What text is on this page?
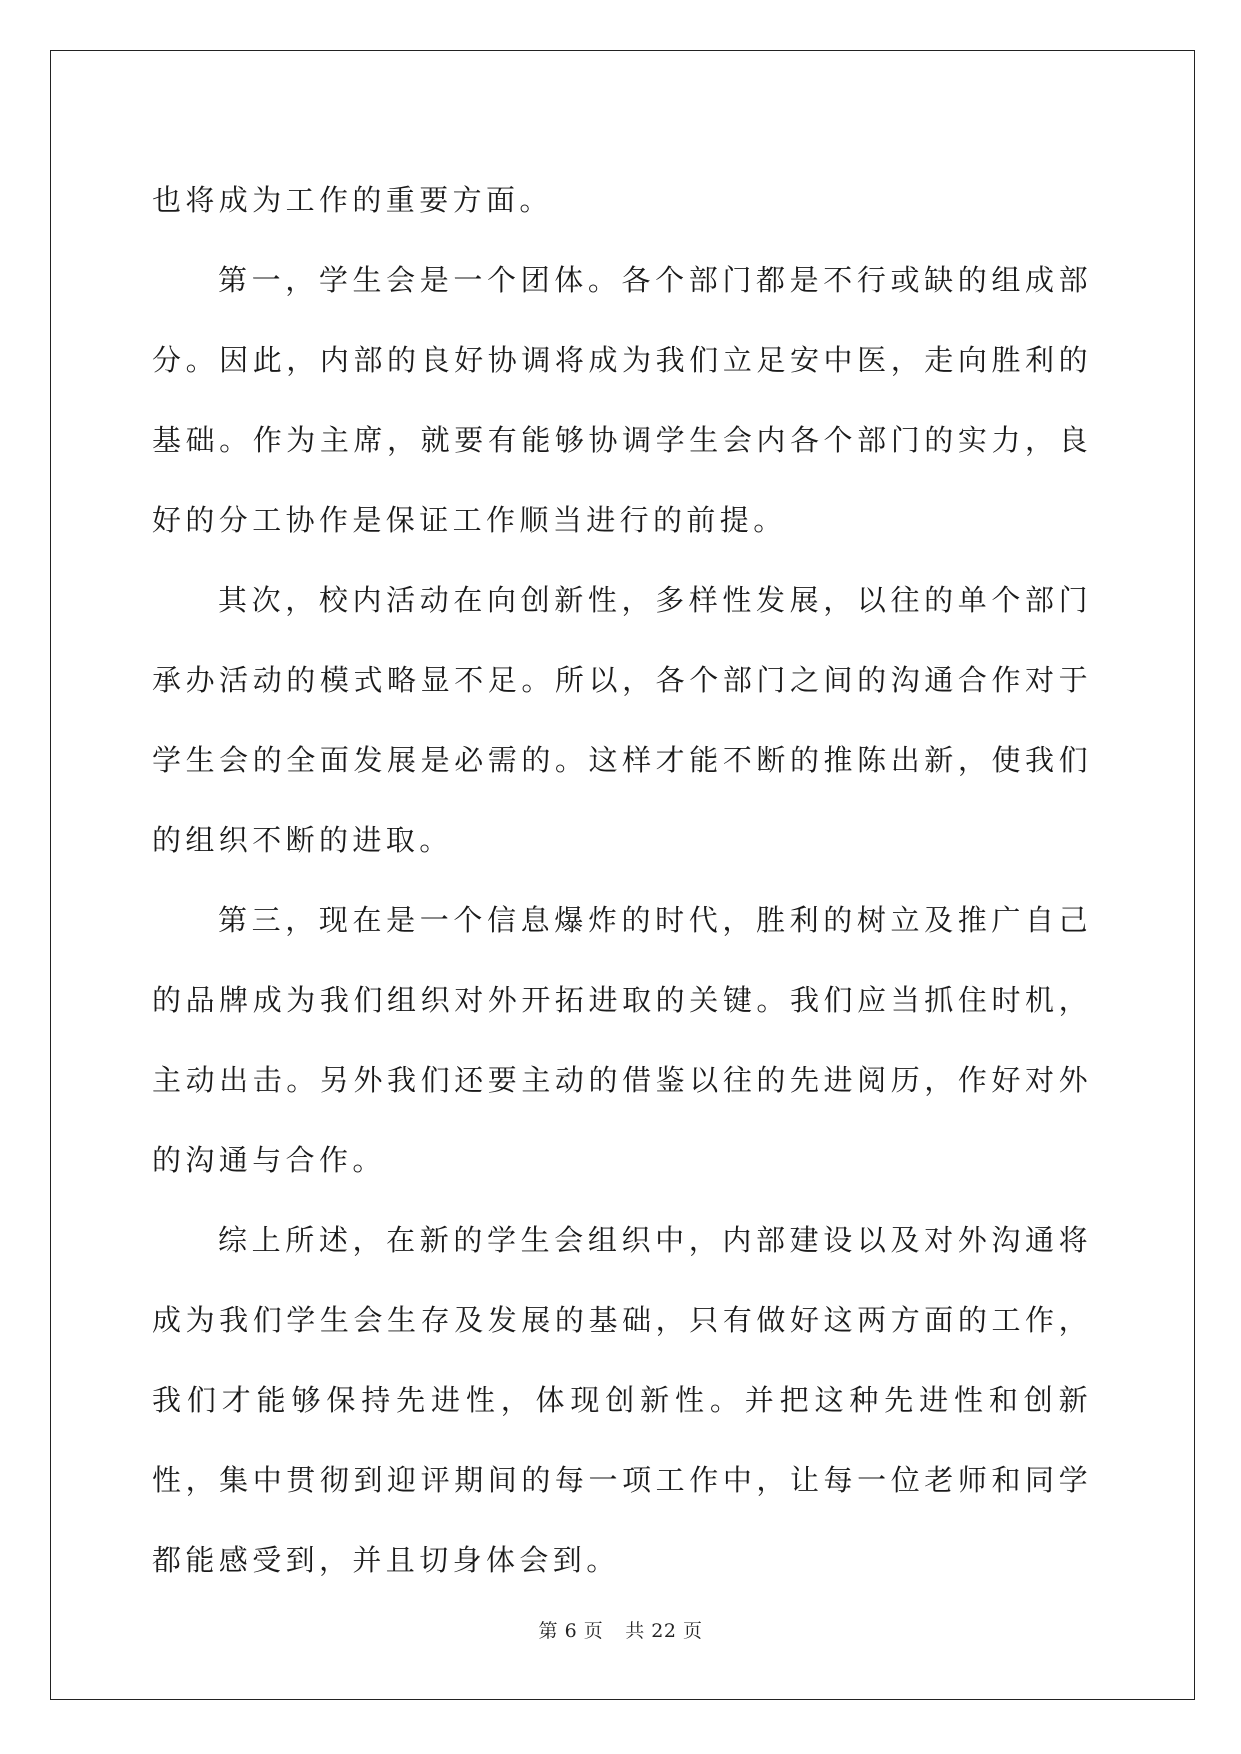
也将成为工作的重要方面。

第一，学生会是一个团体。各个部门都是不行或缺的组成部分。因此，内部的良好协调将成为我们立足安中医，走向胜利的基础。作为主席，就要有能够协调学生会内各个部门的实力，良好的分工协作是保证工作顺当进行的前提。

其次，校内活动在向创新性，多样性发展，以往的单个部门承办活动的模式略显不足。所以，各个部门之间的沟通合作对于学生会的全面发展是必需的。这样才能不断的推陈出新，使我们的组织不断的进取。

第三，现在是一个信息爆炸的时代，胜利的树立及推广自己的品牌成为我们组织对外开拓进取的关键。我们应当抓住时机，主动出击。另外我们还要主动的借鉴以往的先进阅历，作好对外的沟通与合作。

综上所述，在新的学生会组织中，内部建设以及对外沟通将成为我们学生会生存及发展的基础，只有做好这两方面的工作，我们才能够保持先进性，体现创新性。并把这种先进性和创新性，集中贯彻到迎评期间的每一项工作中，让每一位老师和同学都能感受到，并且切身体会到。

第 6 页 共 22 页
